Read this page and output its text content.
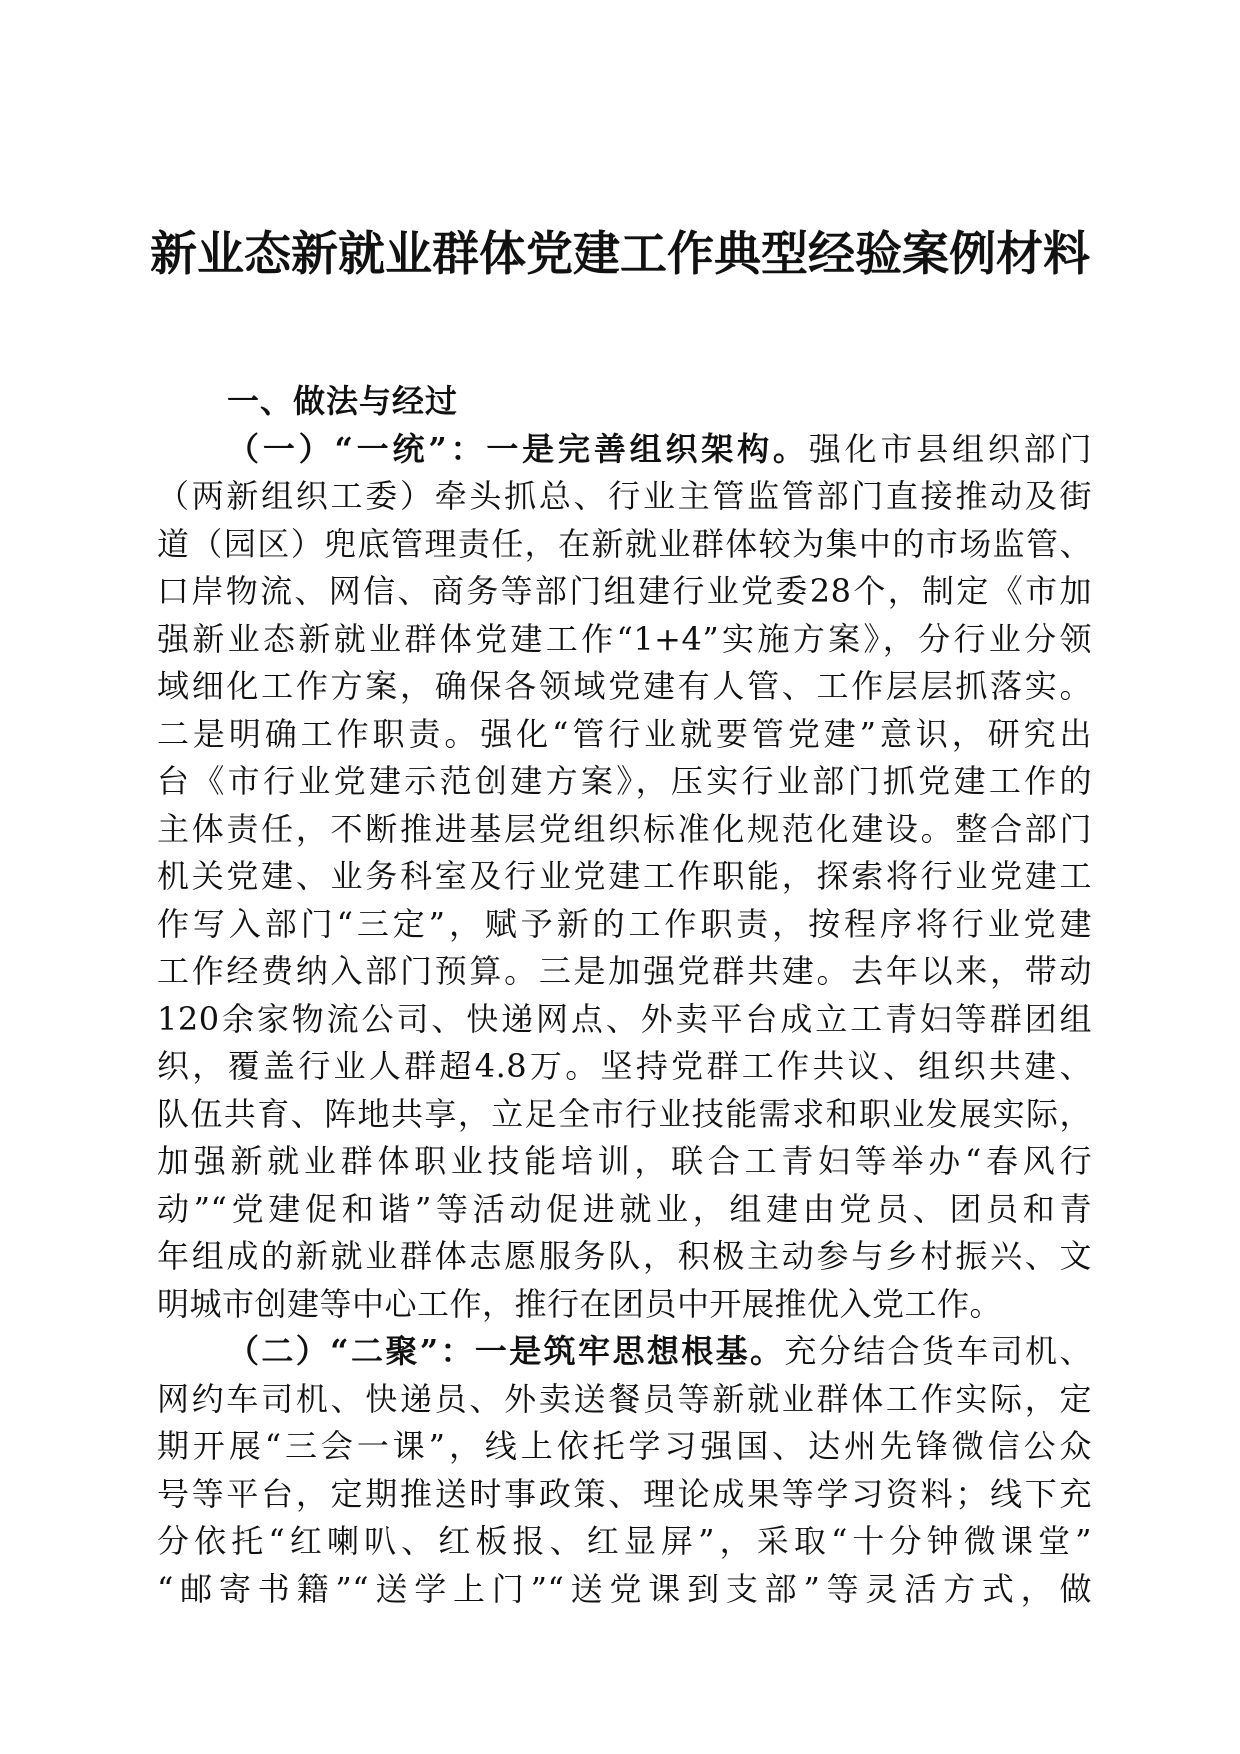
新业态新就业群体党建工作典型经验案例材料
一、做法与经过
（一）“一统”：一是完善组织架构。强化市县组织部门
（两新组织工委）牵头抓总、行业主管监管部门直接推动及街
道（园区）兜底管理责任，在新就业群体较为集中的市场监管、
口岸物流、网信、商务等部门组建行业党委28个，制定《市加
强新业态新就业群体党建工作“1+4”实施方案》，分行业分领
域细化工作方案，确保各领域党建有人管、工作层层抓落实。
二是明确工作职责。强化“管行业就要管党建”意识，研究出
台《市行业党建示范创建方案》，压实行业部门抓党建工作的
主体责任，不断推进基层党组织标准化规范化建设。整合部门
机关党建、业务科室及行业党建工作职能，探索将行业党建工
作写入部门“三定”，赋予新的工作职责，按程序将行业党建
工作经费纳入部门预算。三是加强党群共建。去年以来，带动
120余家物流公司、快递网点、外卖平台成立工青妇等群团组
织，覆盖行业人群超4.8万。坚持党群工作共议、组织共建、
队伍共育、阵地共享，立足全市行业技能需求和职业发展实际，
加强新就业群体职业技能培训，联合工青妇等举办“春风行
动”“党建促和谐”等活动促进就业，组建由党员、团员和青
年组成的新就业群体志愿服务队，积极主动参与乡村振兴、文
明城市创建等中心工作，推行在团员中开展推优入党工作。
（二）“二聚”：一是筑牢思想根基。充分结合货车司机、
网约车司机、快递员、外卖送餐员等新就业群体工作实际，定
期开展“三会一课”，线上依托学习强国、达州先锋微信公众
号等平台，定期推送时事政策、理论成果等学习资料；线下充
分依托“红喇叭、红板报、红显屏”，采取“十分钟微课堂”
“邮寄书籍”“送学上门”“送党课到支部”等灵活方式，做
